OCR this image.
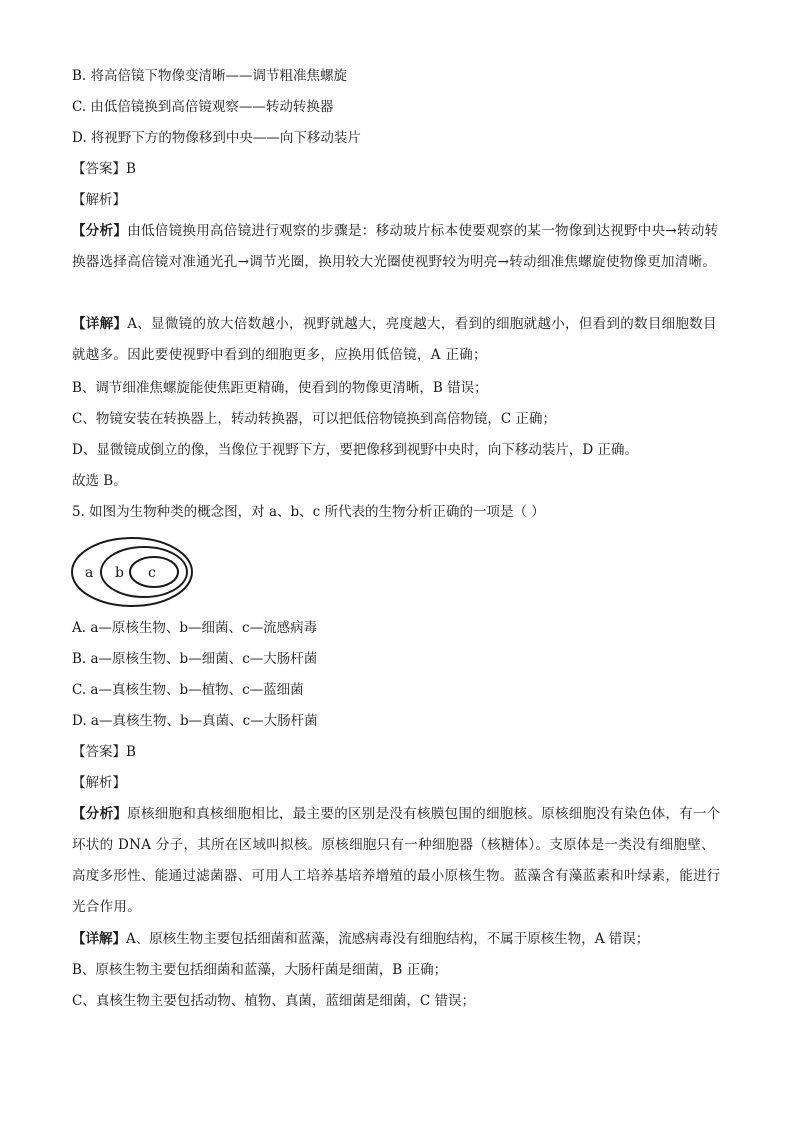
B. 将高倍镜下物像变清晰——调节粗准焦螺旋
C. 由低倍镜换到高倍镜观察——转动转换器
D. 将视野下方的物像移到中央——向下移动装片
【答案】B
【解析】
【分析】由低倍镜换用高倍镜进行观察的步骤是：移动玻片标本使要观察的某一物像到达视野中央→转动转换器选择高倍镜对准通光孔→调节光圈，换用较大光圈使视野较为明亮→转动细准焦螺旋使物像更加清晰。
【详解】A、显微镜的放大倍数越小，视野就越大，亮度越大，看到的细胞就越小，但看到的数目细胞数目就越多。因此要使视野中看到的细胞更多，应换用低倍镜，A 正确；
B、调节细准焦螺旋能使焦距更精确，使看到的物像更清晰，B 错误；
C、物镜安装在转换器上，转动转换器，可以把低倍物镜换到高倍物镜，C 正确；
D、显微镜成倒立的像，当像位于视野下方，要把像移到视野中央时，向下移动装片，D 正确。
故选 B。
5. 如图为生物种类的概念图，对 a、b、c 所代表的生物分析正确的一项是（ ）
a b c
A. a—原核生物、b—细菌、c—流感病毒
B. a—原核生物、b—细菌、c—大肠杆菌
C. a—真核生物、b—植物、c—蓝细菌
D. a—真核生物、b—真菌、c—大肠杆菌
【答案】B
【解析】
【分析】原核细胞和真核细胞相比，最主要的区别是没有核膜包围的细胞核。原核细胞没有染色体，有一个环状的 DNA 分子，其所在区域叫拟核。原核细胞只有一种细胞器（核糖体）。支原体是一类没有细胞壁、高度多形性、能通过滤菌器、可用人工培养基培养增殖的最小原核生物。蓝藻含有藻蓝素和叶绿素，能进行光合作用。
【详解】A、原核生物主要包括细菌和蓝藻，流感病毒没有细胞结构，不属于原核生物，A 错误；
B、原核生物主要包括细菌和蓝藻，大肠杆菌是细菌，B 正确；
C、真核生物主要包括动物、植物、真菌，蓝细菌是细菌，C 错误；
